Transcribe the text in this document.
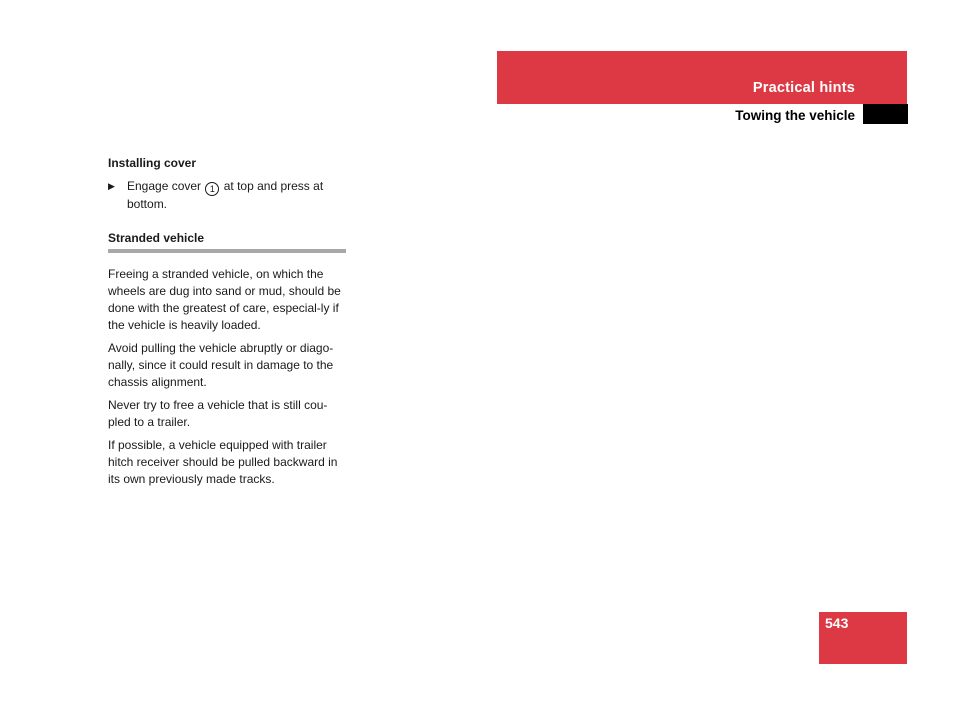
Practical hints
Towing the vehicle

Installing cover

▶	Engage cover 1 at top and press at
bottom.

Stranded vehicle

Freeing a stranded vehicle, on which the wheels are dug into sand or mud, should be done with the greatest of care, especial-ly if the vehicle is heavily loaded.

Avoid pulling the vehicle abruptly or diago-nally, since it could result in damage to the chassis alignment.

Never try to free a vehicle that is still cou-pled to a trailer.

If possible, a vehicle equipped with trailer hitch receiver should be pulled backward in its own previously made tracks.

543
